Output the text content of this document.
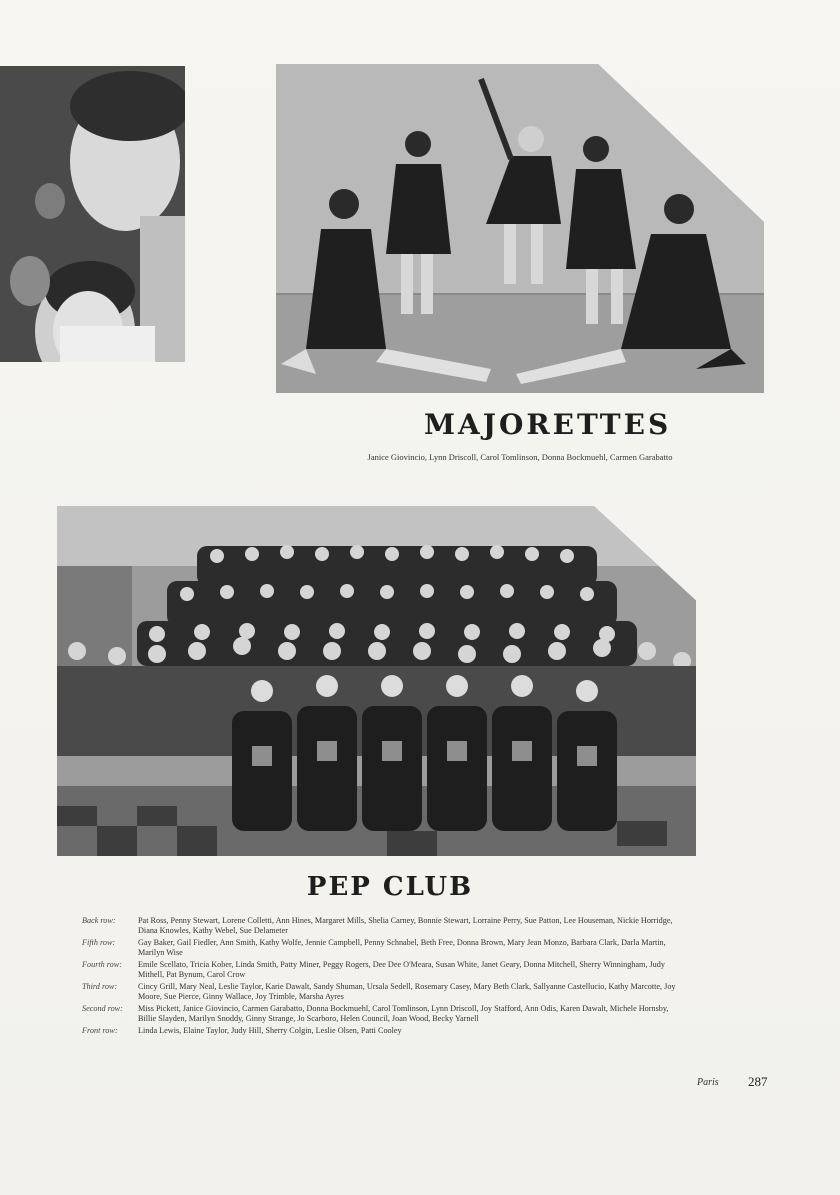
MAJORETTES
Janice Giovincio, Lynn Driscoll, Carol Tomlinson, Donna Bockmuehl, Carmen Garabatto
PEP CLUB
Back row:	Pat Ross, Penny Stewart, Lorene Colletti, Ann Hines, Margaret Mills, Shelia Carney, Bonnie Stewart, Lorraine Perry, Sue Patton, Lee Houseman, Nickie Horridge, Diana Knowles, Kathy Webel, Sue Delameter
Fifth row:	Gay Baker, Gail Fiedler, Ann Smith, Kathy Wolfe, Jennie Campbell, Penny Schnabel, Beth Free, Donna Brown, Mary Jean Monzo, Barbara Clark, Darla Martin, Marilyn Wise
Fourth row:	Emile Scellato, Tricia Kober, Linda Smith, Patty Miner, Peggy Rogers, Dee Dee O'Meara, Susan White, Janet Geary, Donna Mitchell, Sherry Winningham, Judy Mithell, Pat Bynum, Carol Crow
Third row:	Cincy Grill, Mary Neal, Leslie Taylor, Karie Dawalt, Sandy Shuman, Ursala Sedell, Rosemary Casey, Mary Beth Clark, Sallyanne Castellucio, Kathy Marcotte, Joy Moore, Sue Pierce, Ginny Wallace, Joy Trimble, Marsha Ayres
Second row:	Miss Pickett, Janice Giovincio, Carmen Garabatto, Donna Bockmuehl, Carol Tomlinson, Lynn Driscoll, Joy Stafford, Ann Odis, Karen Dawalt, Michele Hornsby, Billie Slayden, Marilyn Snoddy, Ginny Strange, Jo Scarboro, Helen Council, Joan Wood, Becky Yarnell
Front row:	Linda Lewis, Elaine Taylor, Judy Hill, Sherry Colgin, Leslie Olsen, Patti Cooley
Paris 287
